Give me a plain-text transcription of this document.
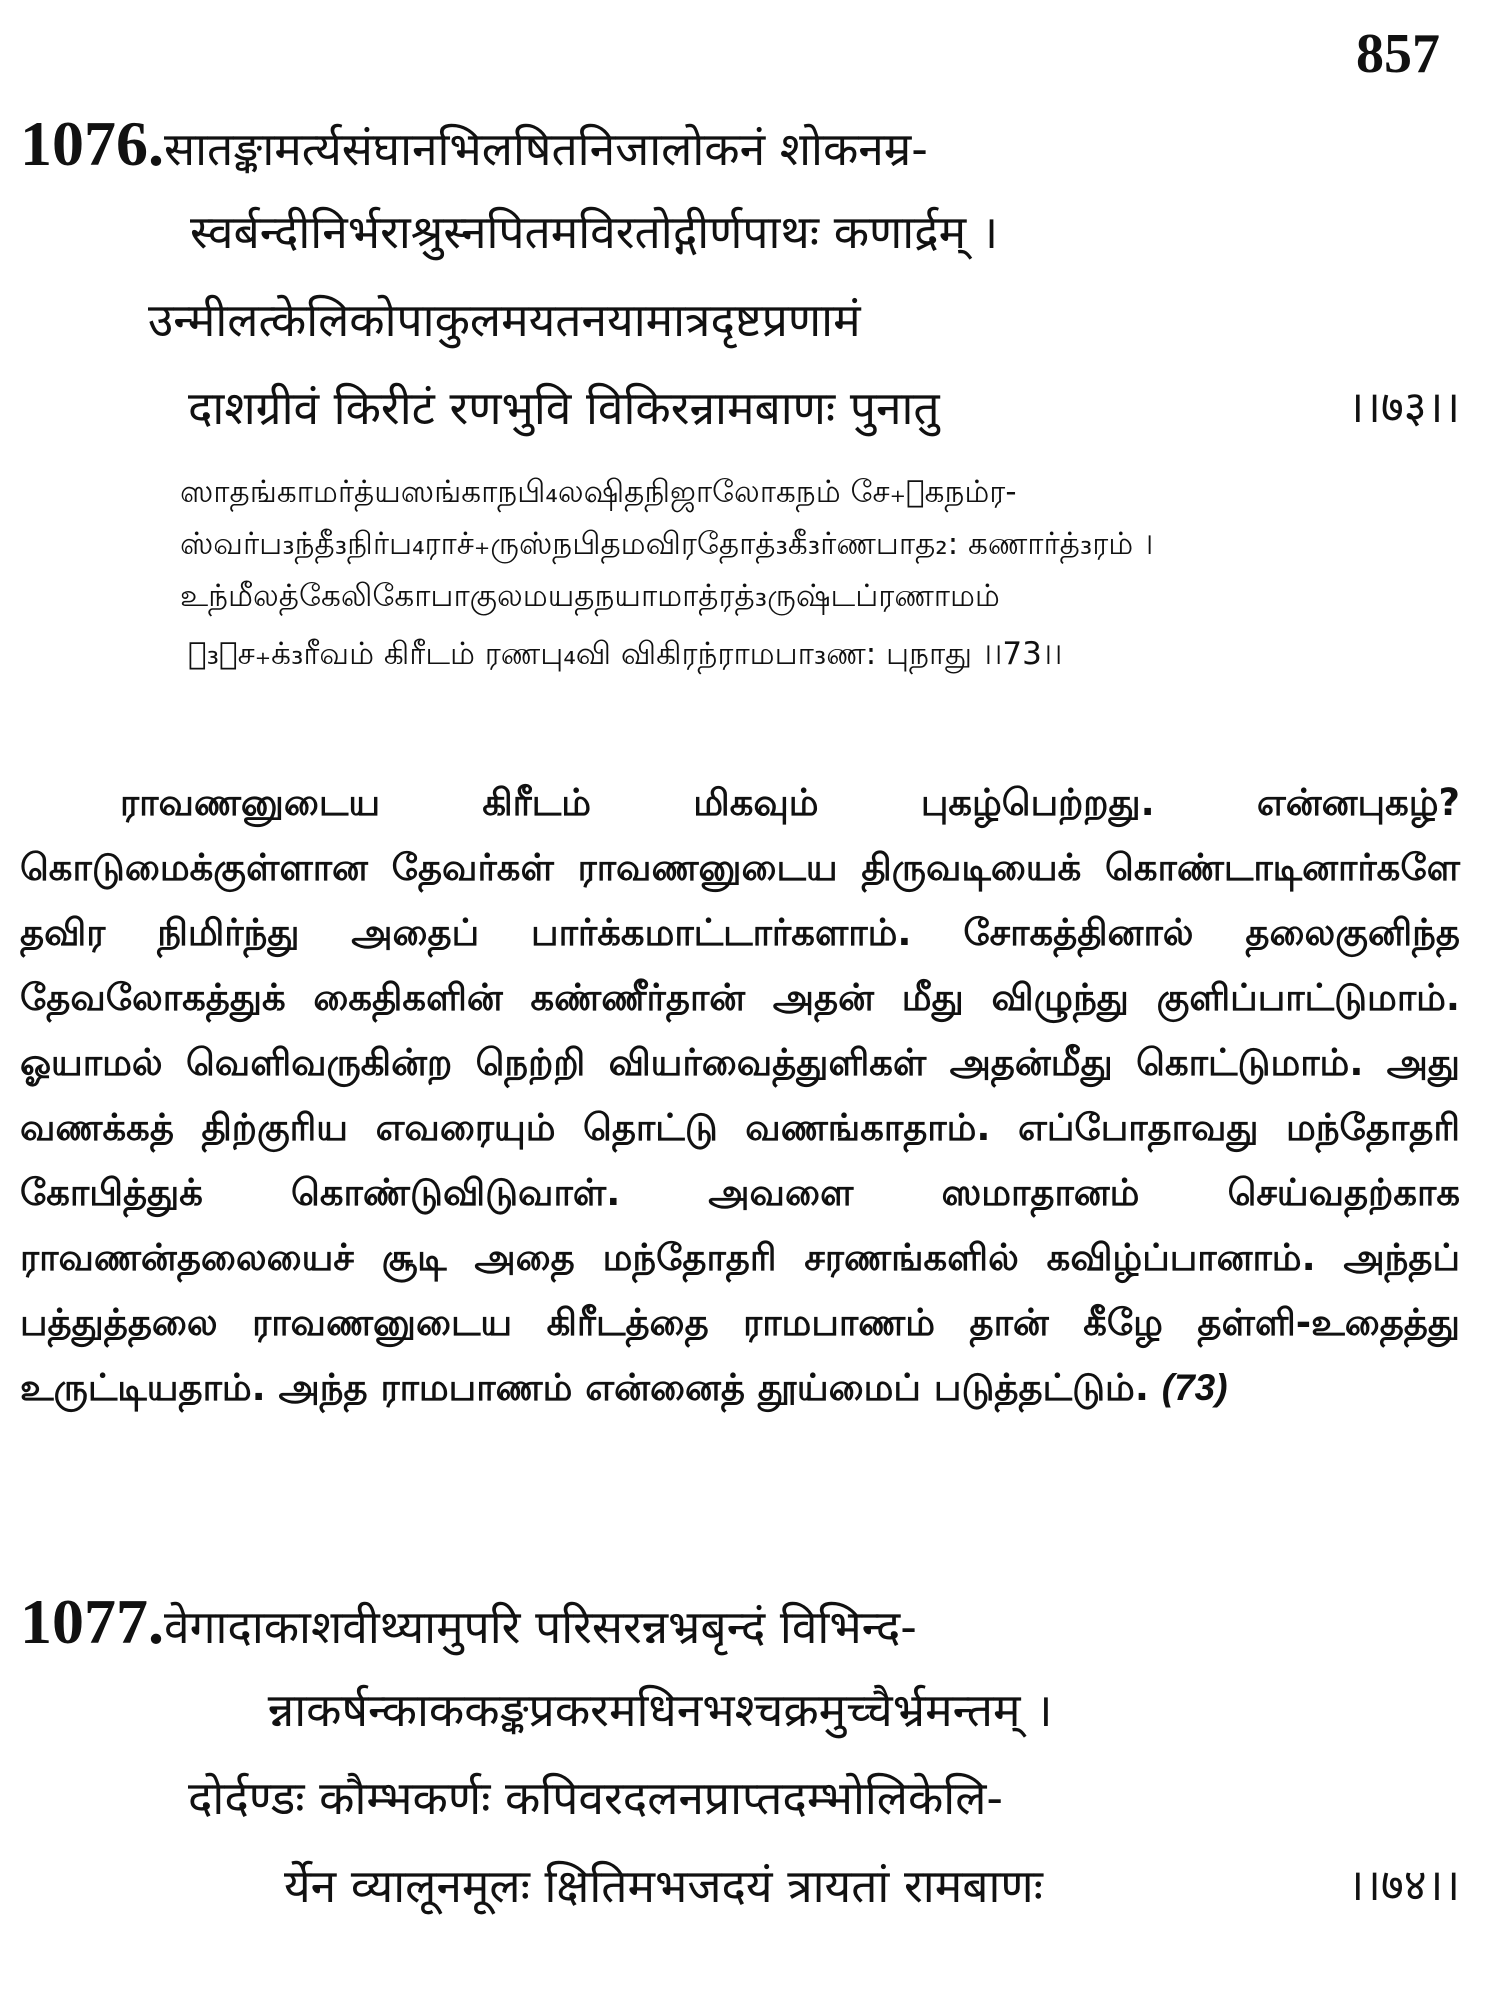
857
1076.सातङ्कामर्त्यसंघानभिलषितनिजालोकनं शोकनम्र-
स्वर्बन्दीनिर्भराश्रुस्नपितमविरतोद्गीर्णपाथः कणार्द्रम् ।
उन्मीलत्केलिकोपाकुलमयतनयामात्रदृष्टप्रणामं
दाशग्रीवं किरीटं रणभुवि विकिरन्रामबाणः पुनातु	।।७३।।
ஸாதங்காமர்த்யஸங்காநபி₄லஷிதநிஜாலோகநம் சே₊ாகநம்ர-
ஸ்வர்ப₃ந்தீ₃நிர்ப₄ராச்₊ருஸ்நபிதமவிரதோத்₃கீ₃ர்ணபாத₂: கணார்த்₃ரம் ।
உந்மீலத்கேலிகோபாகுலமயதநயாமாத்ரத்₃ருஷ்டப்ரணாமம்
த₃ாச₊க்₃ரீவம் கிரீடம் ரணபு₄வி விகிரந்ராமபா₃ண: புநாது ।।73।।

ராவணனுடைய கிரீடம் மிகவும் புகழ்பெற்றது. என்னபுகழ்? கொடுமைக்குள்ளான தேவர்கள் ராவணனுடைய திருவடியைக் கொண்டாடினார்களே தவிர நிமிர்ந்து அதைப் பார்க்கமாட்டார்களாம். சோகத்தினால் தலைகுனிந்த தேவலோகத்துக் கைதிகளின் கண்ணீர்தான் அதன் மீது விழுந்து குளிப்பாட்டுமாம். ஓயாமல் வெளிவருகின்ற நெற்றி வியர்வைத்துளிகள் அதன்மீது கொட்டுமாம். அது வணக்கத் திற்குரிய எவரையும் தொட்டு வணங்காதாம். எப்போதாவது மந்தோதரி கோபித்துக் கொண்டுவிடுவாள். அவளை ஸமாதானம் செய்வதற்காக ராவணன்தலையைச் சூடி அதை மந்தோதரி சரணங்களில் கவிழ்ப்பானாம். அந்தப் பத்துத்தலை ராவணனுடைய கிரீடத்தை ராமபாணம் தான் கீழே தள்ளி-உதைத்து உருட்டியதாம். அந்த ராமபாணம் என்னைத் தூய்மைப் படுத்தட்டும். (73)

1077.वेगादाकाशवीथ्यामुपरि परिसरन्नभ्रबृन्दं विभिन्द-
न्नाकर्षन्काककङ्कप्रकरमधिनभश्चक्रमुच्चैर्भ्रमन्तम् ।
दोर्दण्डः कौम्भकर्णः कपिवरदलनप्राप्तदम्भोलिकेलि-
र्येन व्यालूनमूलः क्षितिमभजदयं त्रायतां रामबाणः	।।७४।।
